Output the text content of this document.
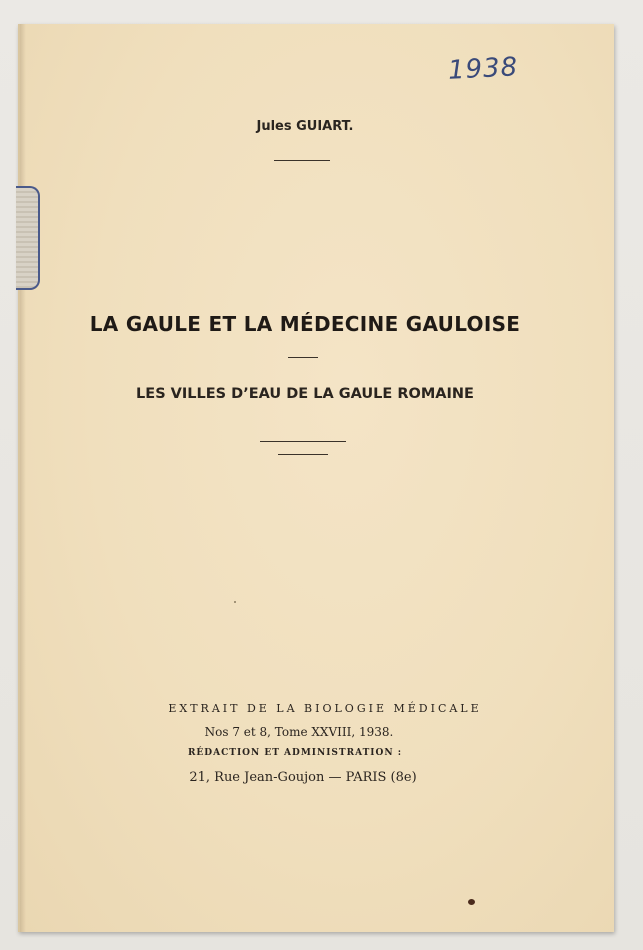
1938
Jules GUIART.
LA GAULE ET LA MÉDECINE GAULOISE
LES VILLES D’EAU DE LA GAULE ROMAINE
EXTRAIT DE LA BIOLOGIE MÉDICALE
Nos 7 et 8, Tome XXVIII, 1938.
RÉDACTION ET ADMINISTRATION :
21, Rue Jean-Goujon — PARIS (8e)
